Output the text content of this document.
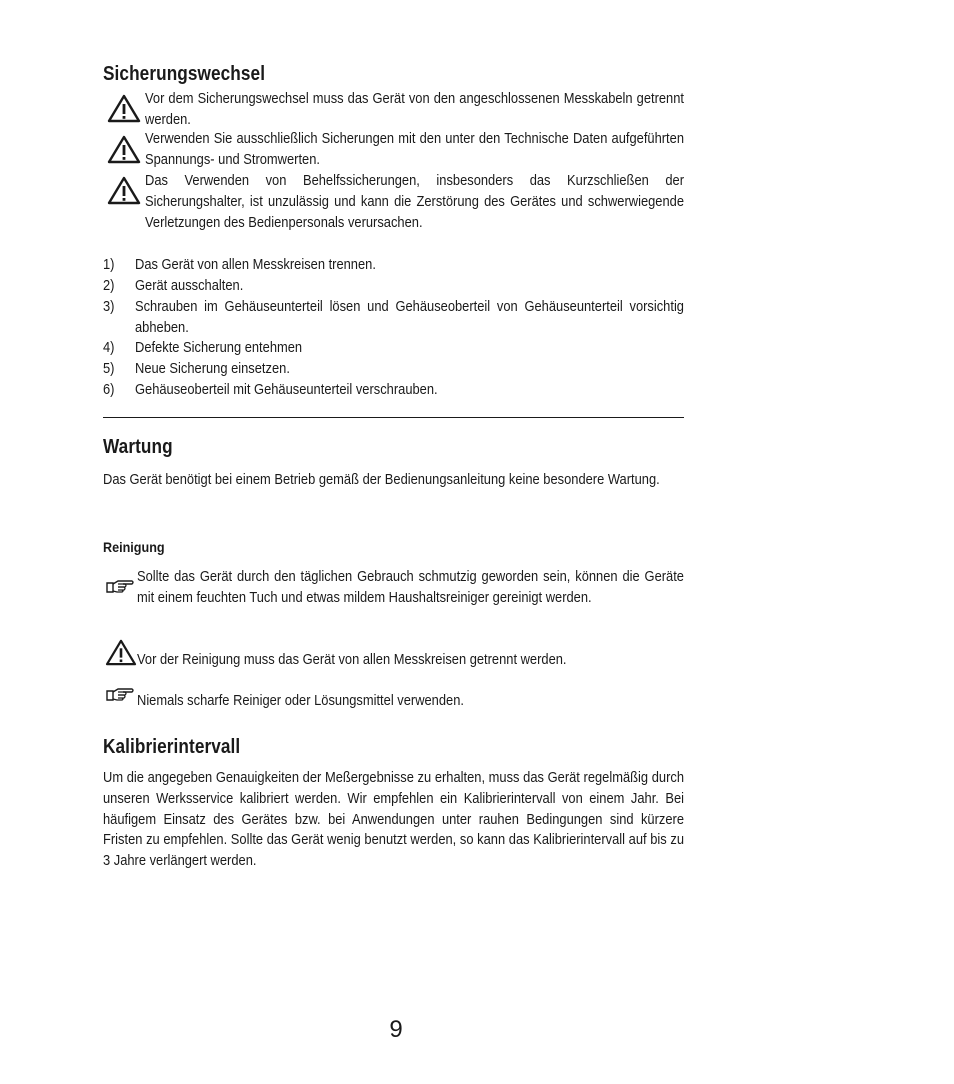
Sicherungswechsel
Vor dem Sicherungswechsel muss das Gerät von den angeschlossenen Messkabeln getrennt werden.
Verwenden Sie ausschließlich Sicherungen mit den unter den Technische Daten aufgeführten Spannungs- und Stromwerten.
Das Verwenden von Behelfssicherungen, insbesonders das Kurzschließen der Sicherungshalter, ist unzulässig und kann die Zerstörung des Gerätes und schwerwiegende Verletzungen des Bedienpersonals verursachen.
1) Das Gerät von allen Messkreisen trennen.
2) Gerät ausschalten.
3) Schrauben im Gehäuseunterteil lösen und Gehäuseoberteil von Gehäuseunterteil vorsichtig abheben.
4) Defekte Sicherung entehmen
5) Neue Sicherung einsetzen.
6) Gehäuseoberteil mit Gehäuseunterteil verschrauben.
Wartung
Das Gerät benötigt bei einem Betrieb gemäß der Bedienungsanleitung keine besondere Wartung.
Reinigung
Sollte das Gerät durch den täglichen Gebrauch schmutzig geworden sein, können die Geräte mit einem feuchten Tuch und etwas mildem Haushaltsreiniger gereinigt werden.
Vor der Reinigung muss das Gerät von allen Messkreisen getrennt werden.
Niemals scharfe Reiniger oder Lösungsmittel verwenden.
Kalibrierintervall
Um die angegeben Genauigkeiten der Meßergebnisse zu erhalten, muss das Gerät regelmäßig durch unseren Werksservice kalibriert werden. Wir empfehlen ein Kalibrierintervall von einem Jahr. Bei häufigem Einsatz des Gerätes bzw. bei Anwendungen unter rauhen Bedingungen sind kürzere Fristen zu empfehlen. Sollte das Gerät wenig benutzt werden, so kann das Kalibrierintervall auf bis zu 3 Jahre verlängert werden.
9
